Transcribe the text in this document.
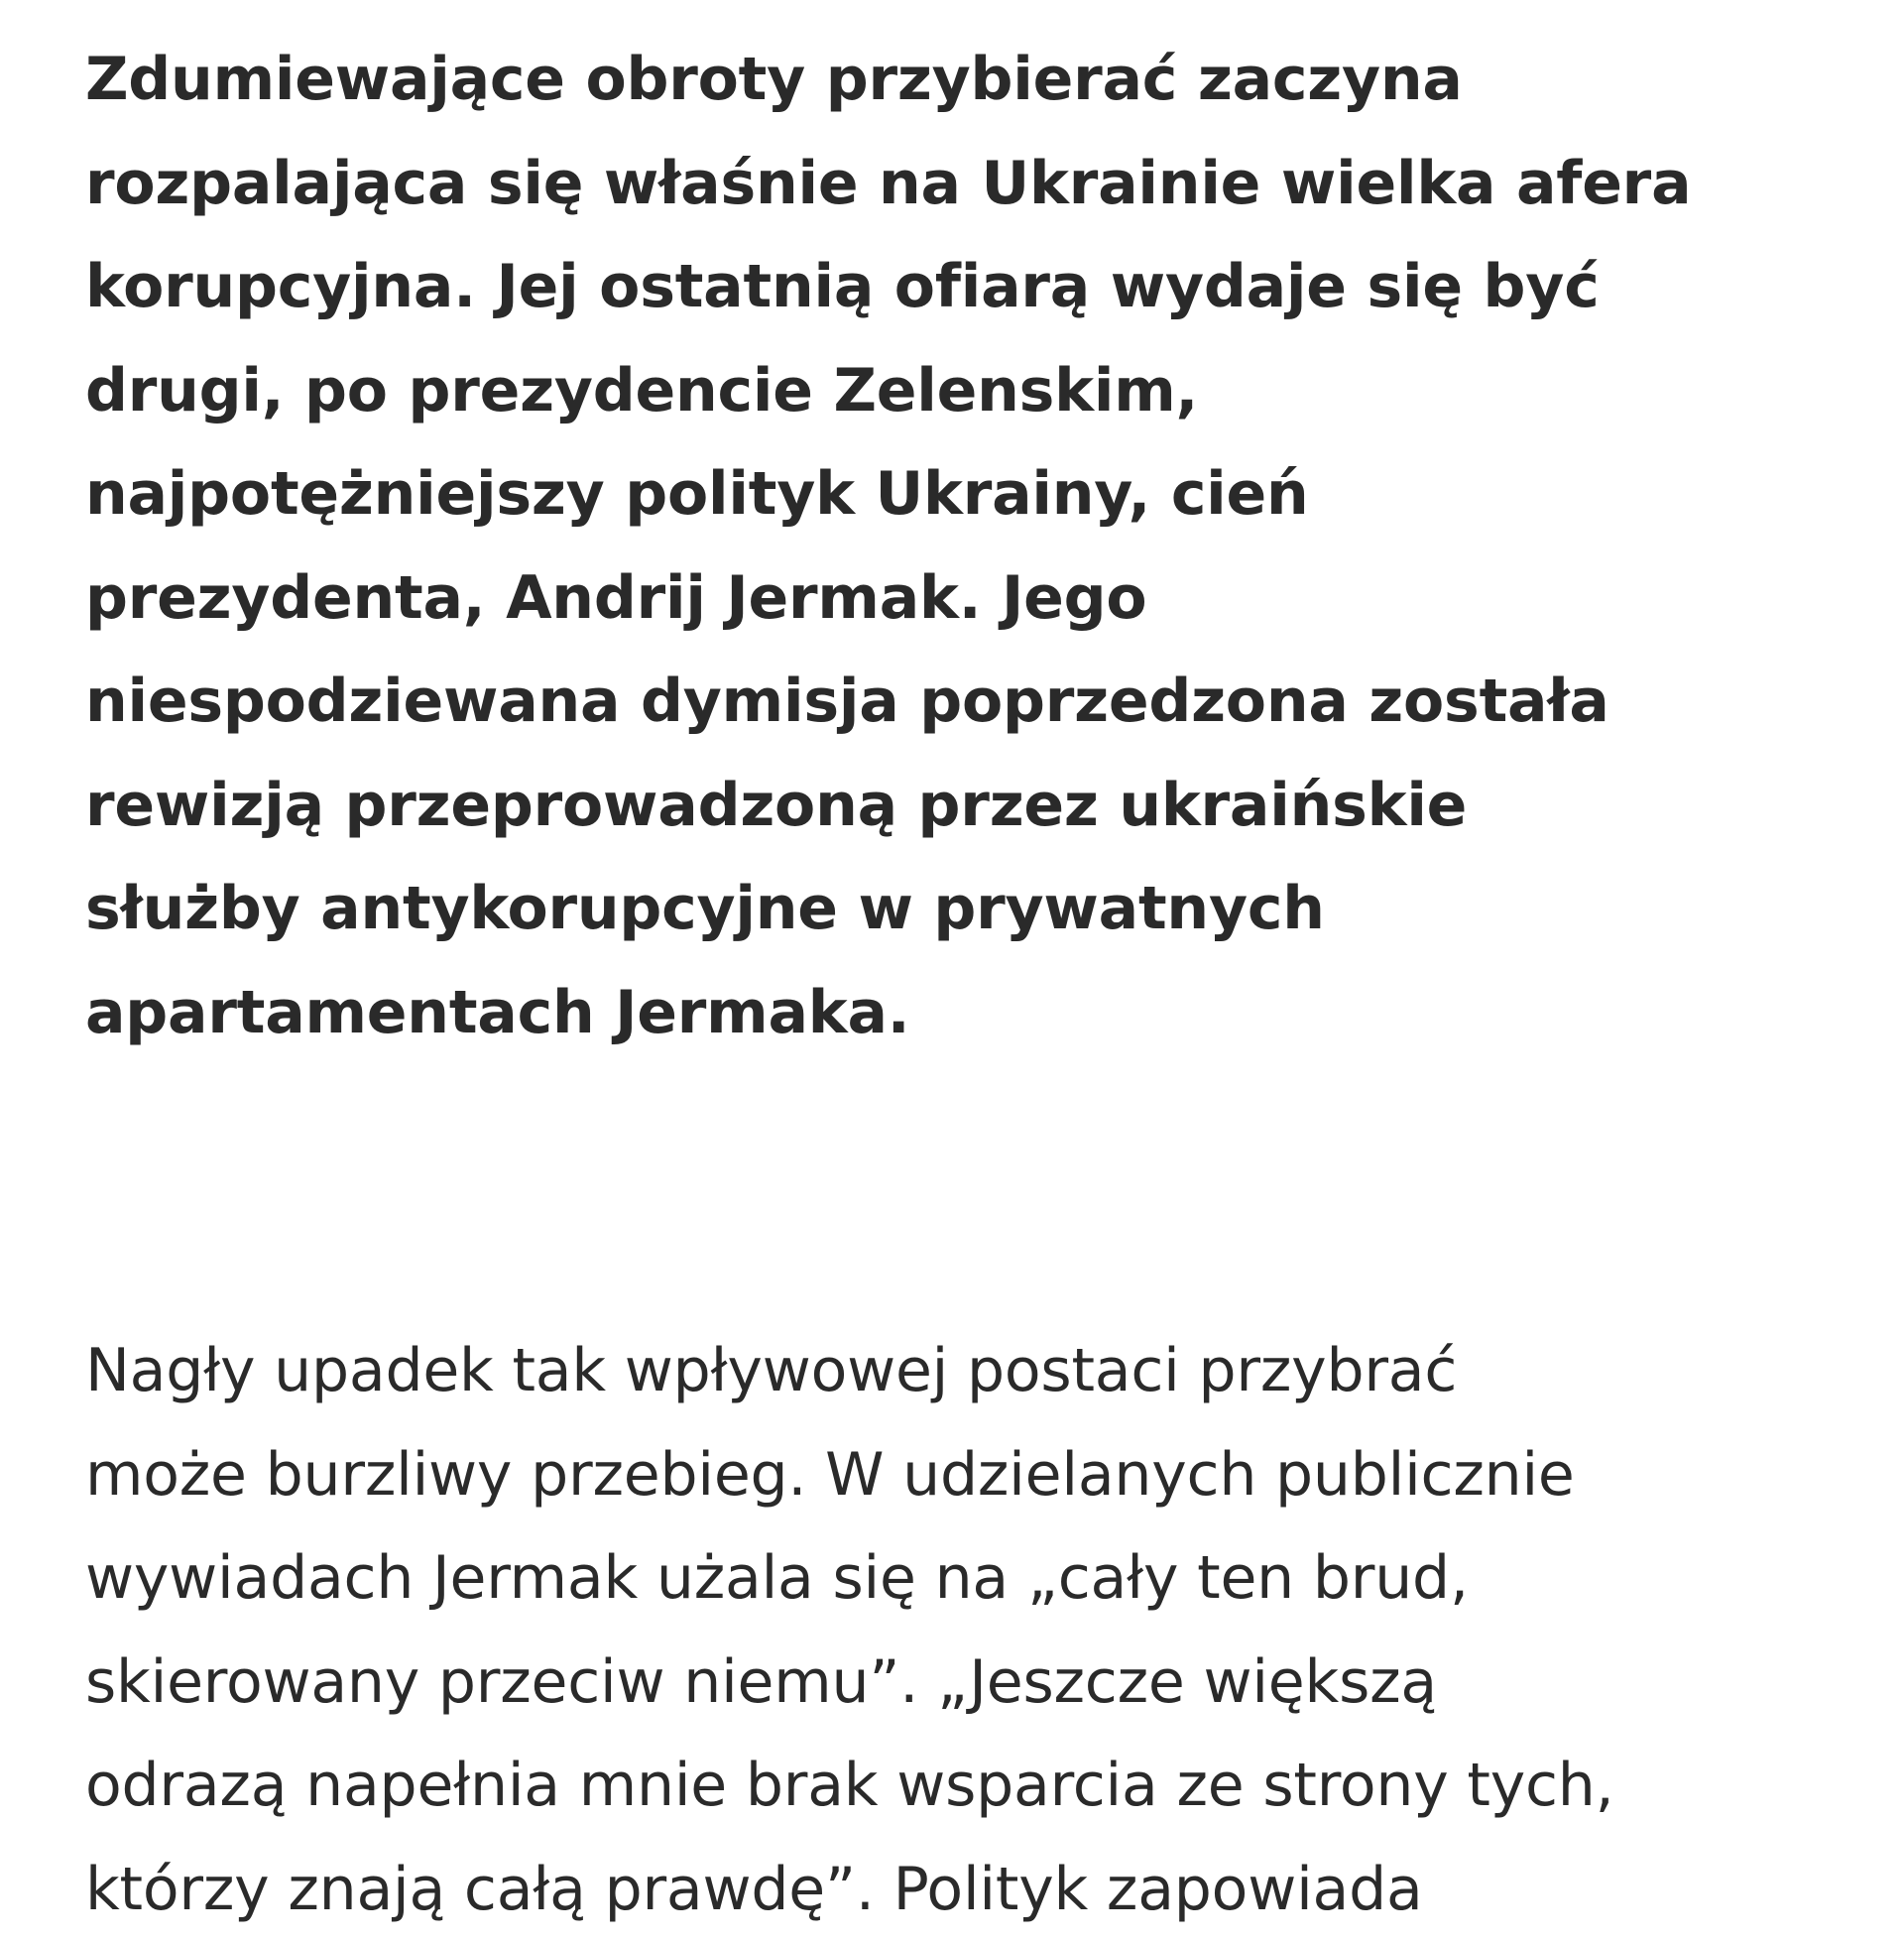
Zdumiewające obroty przybierać zaczyna
rozpalająca się właśnie na Ukrainie wielka afera
korupcyjna. Jej ostatnią ofiarą wydaje się być
drugi, po prezydencie Zelenskim,
najpotężniejszy polityk Ukrainy, cień
prezydenta, Andrij Jermak. Jego
niespodziewana dymisja poprzedzona została
rewizją przeprowadzoną przez ukraińskie
służby antykorupcyjne w prywatnych
apartamentach Jermaka.
Nagły upadek tak wpływowej postaci przybrać
może burzliwy przebieg. W udzielanych publicznie
wywiadach Jermak użala się na „cały ten brud,
skierowany przeciw niemu”. „Jeszcze większą
odrazą napełnia mnie brak wsparcia ze strony tych,
którzy znają całą prawdę”. Polityk zapowiada
